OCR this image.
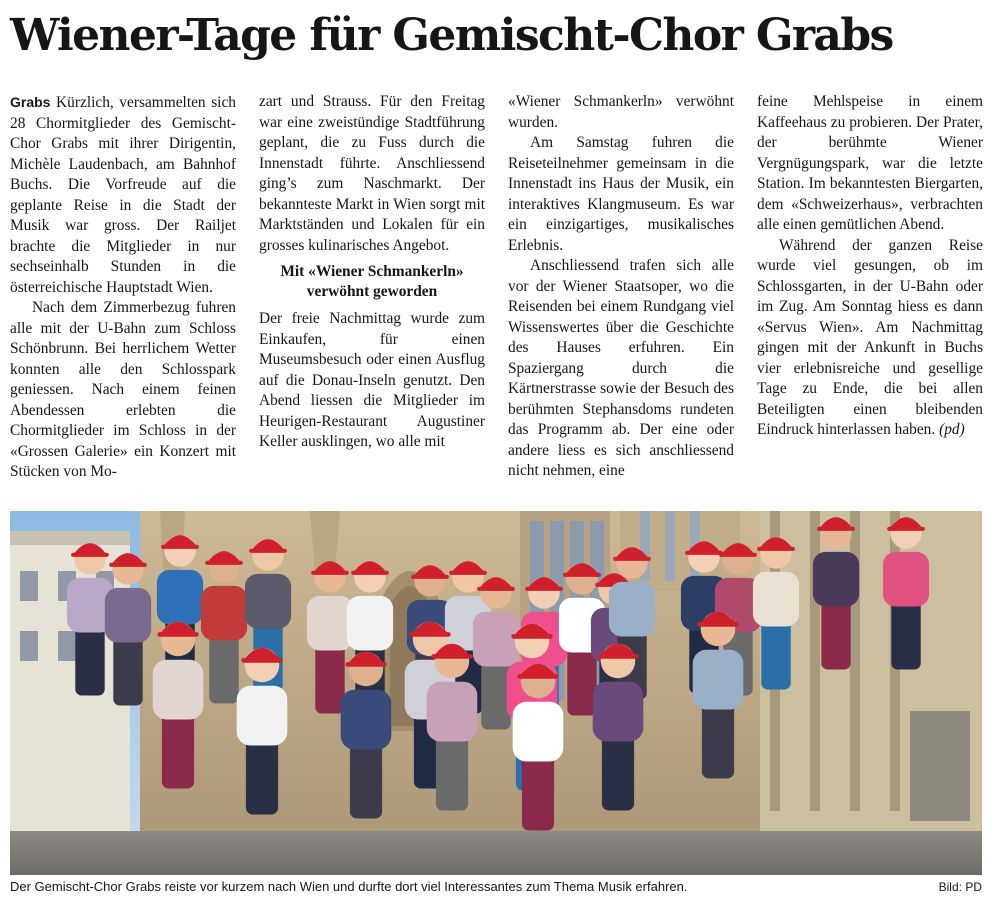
Wiener-Tage für Gemischt-Chor Grabs

Grabs Kürzlich, versammelten sich 28 Chormitglieder des Gemischt-Chor Grabs mit ihrer Dirigentin, Michèle Laudenbach, am Bahnhof Buchs. Die Vorfreude auf die geplante Reise in die Stadt der Musik war gross. Der Railjet brachte die Mitglieder in nur sechseinhalb Stunden in die österreichische Hauptstadt Wien.

Nach dem Zimmerbezug fuhren alle mit der U-Bahn zum Schloss Schönbrunn. Bei herrlichem Wetter konnten alle den Schlosspark geniessen. Nach einem feinen Abendessen erlebten die Chormitglieder im Schloss in der «Grossen Galerie» ein Konzert mit Stücken von Mo-

zart und Strauss. Für den Freitag war eine zweistündige Stadtführung geplant, die zu Fuss durch die Innenstadt führte. Anschliessend ging’s zum Naschmarkt. Der bekannteste Markt in Wien sorgt mit Marktständen und Lokalen für ein grosses kulinarisches Angebot.

Mit «Wiener Schmankerln» verwöhnt geworden

Der freie Nachmittag wurde zum Einkaufen, für einen Museumsbesuch oder einen Ausflug auf die Donau-Inseln genutzt. Den Abend liessen die Mitglieder im Heurigen-Restaurant Augustiner Keller ausklingen, wo alle mit

«Wiener Schmankerln» verwöhnt wurden.

Am Samstag fuhren die Reiseteilnehmer gemeinsam in die Innenstadt ins Haus der Musik, ein interaktives Klangmuseum. Es war ein einzigartiges, musikalisches Erlebnis.

Anschliessend trafen sich alle vor der Wiener Staatsoper, wo die Reisenden bei einem Rundgang viel Wissenswertes über die Geschichte des Hauses erfuhren. Ein Spaziergang durch die Kärtnerstrasse sowie der Besuch des berühmten Stephansdoms rundeten das Programm ab. Der eine oder andere liess es sich anschliessend nicht nehmen, eine

feine Mehlspeise in einem Kaffeehaus zu probieren. Der Prater, der berühmte Wiener Vergnügungspark, war die letzte Station. Im bekanntesten Biergarten, dem «Schweizerhaus», verbrachten alle einen gemütlichen Abend.

Während der ganzen Reise wurde viel gesungen, ob im Schlossgarten, in der U-Bahn oder im Zug. Am Sonntag hiess es dann «Servus Wien». Am Nachmittag gingen mit der Ankunft in Buchs vier erlebnisreiche und gesellige Tage zu Ende, die bei allen Beteiligten einen bleibenden Eindruck hinterlassen haben. (pd)

Der Gemischt-Chor Grabs reiste vor kurzem nach Wien und durfte dort viel Interessantes zum Thema Musik erfahren.	Bild: PD
